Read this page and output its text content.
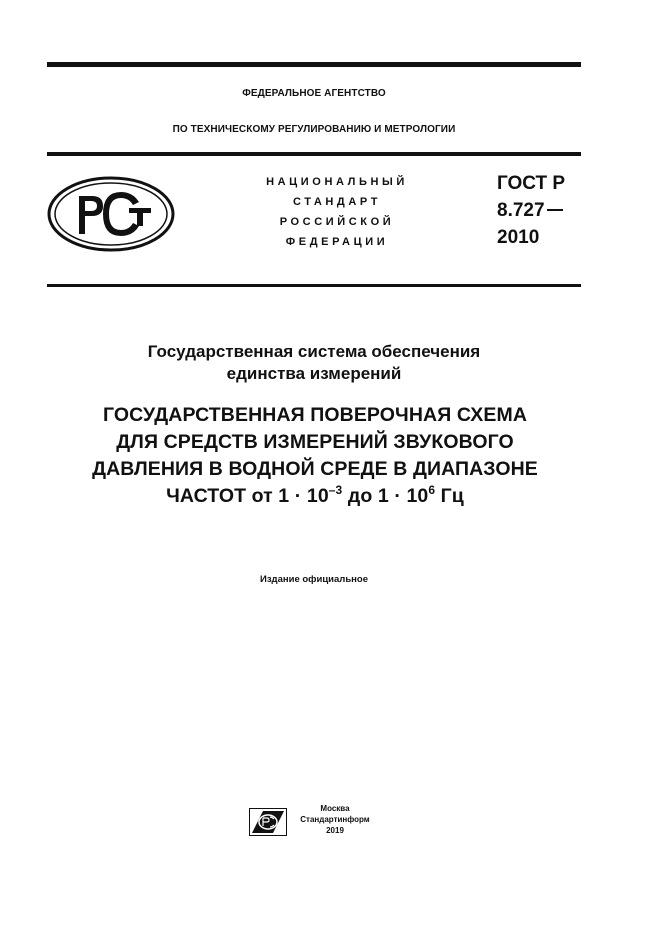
ФЕДЕРАЛЬНОЕ АГЕНТСТВО
ПО ТЕХНИЧЕСКОМУ РЕГУЛИРОВАНИЮ И МЕТРОЛОГИИ
НАЦИОНАЛЬНЫЙ
СТАНДАРТ
РОССИЙСКОЙ
ФЕДЕРАЦИИ
ГОСТ Р
8.727
2010
Государственная система обеспечения
единства измерений
ГОСУДАРСТВЕННАЯ ПОВЕРОЧНАЯ СХЕМА
ДЛЯ СРЕДСТВ ИЗМЕРЕНИЙ ЗВУКОВОГО
ДАВЛЕНИЯ В ВОДНОЙ СРЕДЕ В ДИАПАЗОНЕ
ЧАСТОТ от $1 \cdot 10^{-3}$ до $1 \cdot 10^6$ Гц
Издание официальное
Москва
Стандартинформ
2019
